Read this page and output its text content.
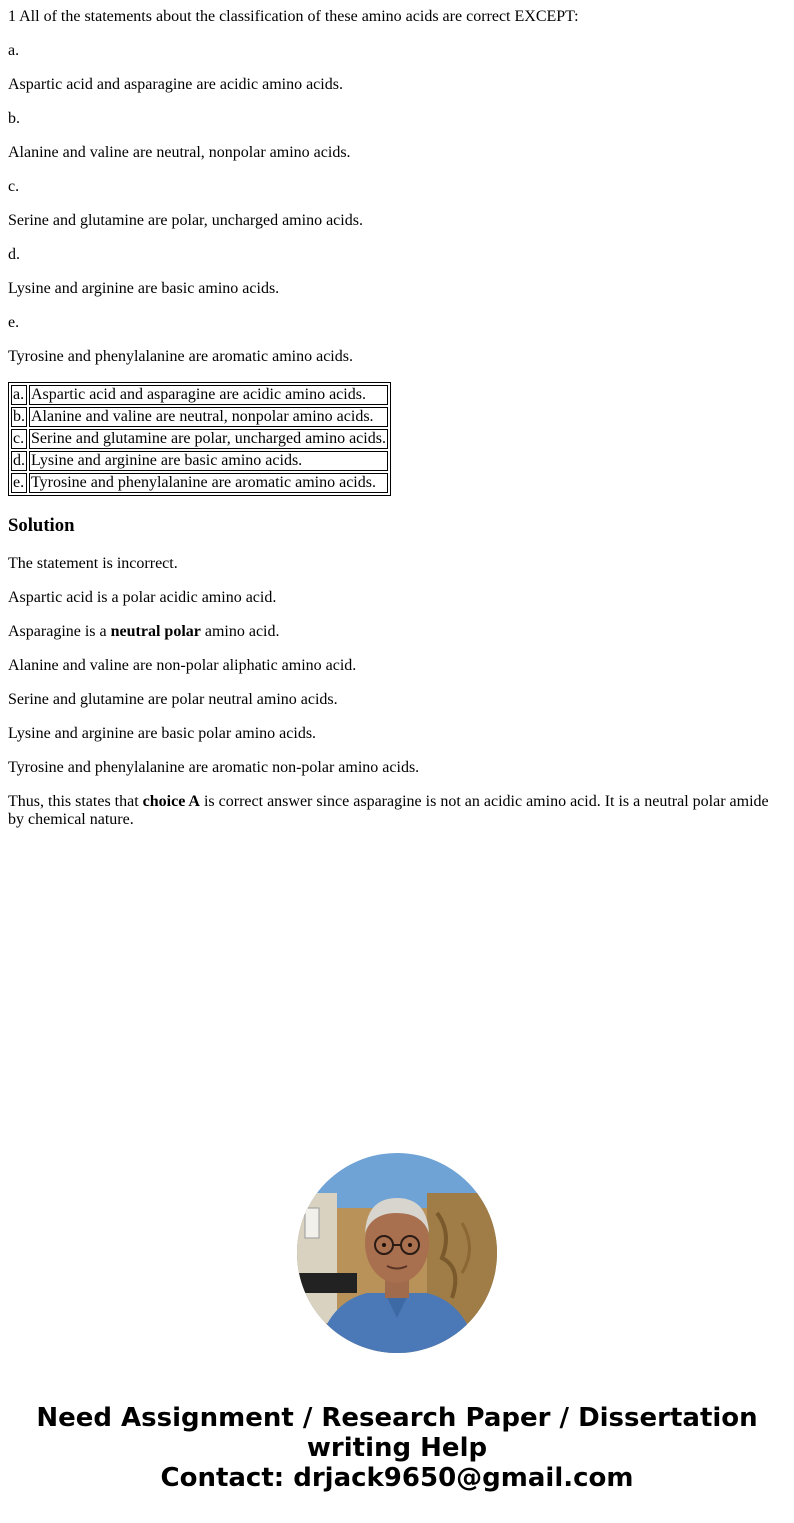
1 All of the statements about the classification of these amino acids are correct EXCEPT:

a.

Aspartic acid and asparagine are acidic amino acids.

b.

Alanine and valine are neutral, nonpolar amino acids.

c.

Serine and glutamine are polar, uncharged amino acids.

d.

Lysine and arginine are basic amino acids.

e.

Tyrosine and phenylalanine are aromatic amino acids.

a.	Aspartic acid and asparagine are acidic amino acids.
b.	Alanine and valine are neutral, nonpolar amino acids.
c.	Serine and glutamine are polar, uncharged amino acids.
d.	Lysine and arginine are basic amino acids.
e.	Tyrosine and phenylalanine are aromatic amino acids.
Solution

The statement is incorrect.

Aspartic acid is a polar acidic amino acid.

Asparagine is a neutral polar amino acid.

Alanine and valine are non-polar aliphatic amino acid.

Serine and glutamine are polar neutral amino acids.

Lysine and arginine are basic polar amino acids.

Tyrosine and phenylalanine are aromatic non-polar amino acids.

Thus, this states that choice A is correct answer since asparagine is not an acidic amino acid. It is a neutral polar amide by chemical nature.

Need Assignment / Research Paper / Dissertation
writing Help
Contact: drjack9650@gmail.com
